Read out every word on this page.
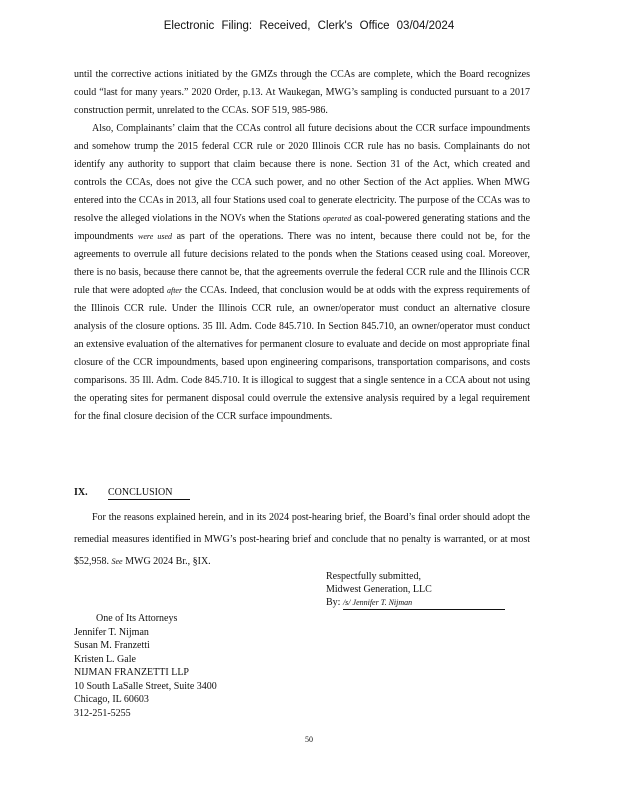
Electronic Filing: Received, Clerk's Office 03/04/2024

until the corrective actions initiated by the GMZs through the CCAs are complete, which the Board recognizes could “last for many years.” 2020 Order, p.13. At Waukegan, MWG’s sampling is conducted pursuant to a 2017 construction permit, unrelated to the CCAs. SOF 519, 985-986.

Also, Complainants’ claim that the CCAs control all future decisions about the CCR surface impoundments and somehow trump the 2015 federal CCR rule or 2020 Illinois CCR rule has no basis. Complainants do not identify any authority to support that claim because there is none. Section 31 of the Act, which created and controls the CCAs, does not give the CCA such power, and no other Section of the Act applies. When MWG entered into the CCAs in 2013, all four Stations used coal to generate electricity. The purpose of the CCAs was to resolve the alleged violations in the NOVs when the Stations operated as coal-powered generating stations and the impoundments were used as part of the operations. There was no intent, because there could not be, for the agreements to overrule all future decisions related to the ponds when the Stations ceased using coal. Moreover, there is no basis, because there cannot be, that the agreements overrule the federal CCR rule and the Illinois CCR rule that were adopted after the CCAs. Indeed, that conclusion would be at odds with the express requirements of the Illinois CCR rule. Under the Illinois CCR rule, an owner/operator must conduct an alternative closure analysis of the closure options. 35 Ill. Adm. Code 845.710. In Section 845.710, an owner/operator must conduct an extensive evaluation of the alternatives for permanent closure to evaluate and decide on most appropriate final closure of the CCR impoundments, based upon engineering comparisons, transportation comparisons, and costs comparisons. 35 Ill. Adm. Code 845.710. It is illogical to suggest that a single sentence in a CCA about not using the operating sites for permanent disposal could overrule the extensive analysis required by a legal requirement for the final closure decision of the CCR surface impoundments.

IX. CONCLUSION
For the reasons explained herein, and in its 2024 post-hearing brief, the Board’s final order should adopt the remedial measures identified in MWG’s post-hearing brief and conclude that no penalty is warranted, or at most $52,958. See MWG 2024 Br., §IX.
Respectfully submitted,
Midwest Generation, LLC
By: /s/ Jennifer T. Nijman
One of Its Attorneys
Jennifer T. Nijman
Susan M. Franzetti
Kristen L. Gale
NIJMAN FRANZETTI LLP
10 South LaSalle Street, Suite 3400
Chicago, IL 60603
312-251-5255
50
